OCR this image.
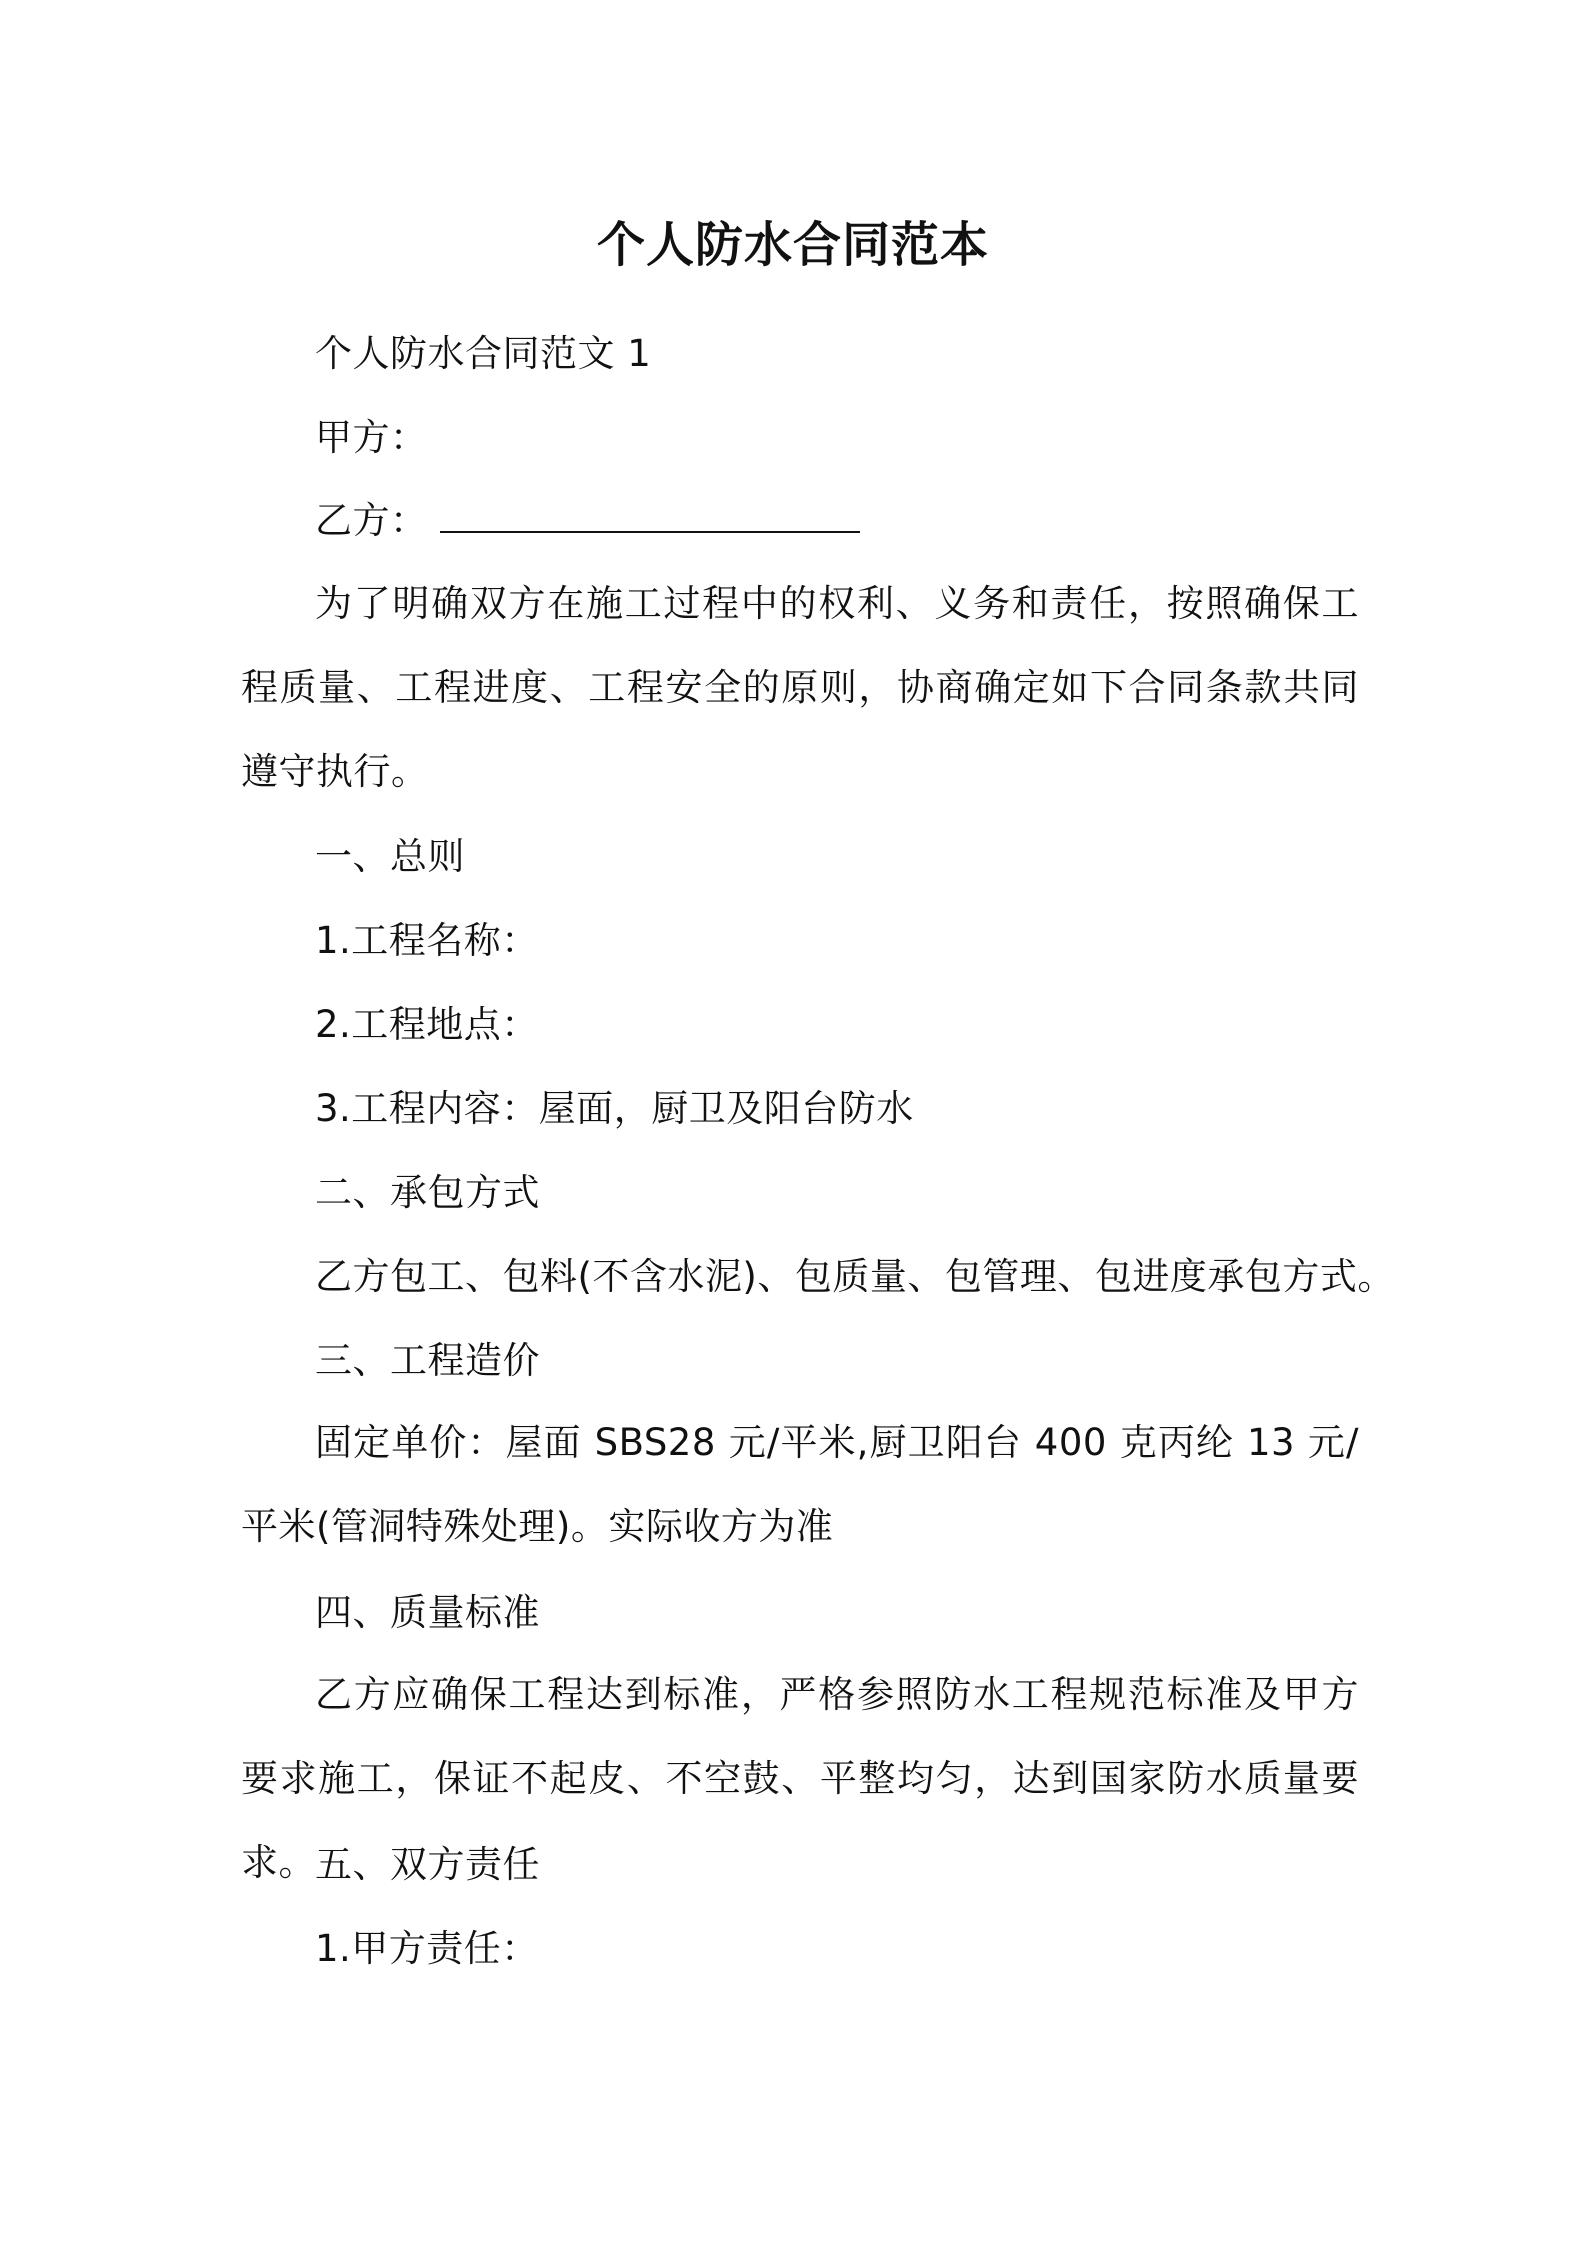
个人防水合同范本
个人防水合同范文 1
甲方：
乙方：
为了明确双方在施工过程中的权利、义务和责任，按照确保工程质量、工程进度、工程安全的原则，协商确定如下合同条款共同遵守执行。
一、总则
1.工程名称：
2.工程地点：
3.工程内容：屋面，厨卫及阳台防水
二、承包方式
乙方包工、包料(不含水泥)、包质量、包管理、包进度承包方式。
三、工程造价
固定单价：屋面 SBS28 元/平米,厨卫阳台 400 克丙纶 13 元/平米(管洞特殊处理)。实际收方为准
四、质量标准
乙方应确保工程达到标准，严格参照防水工程规范标准及甲方要求施工，保证不起皮、不空鼓、平整均匀，达到国家防水质量要求。 五、双方责任
1.甲方责任：
